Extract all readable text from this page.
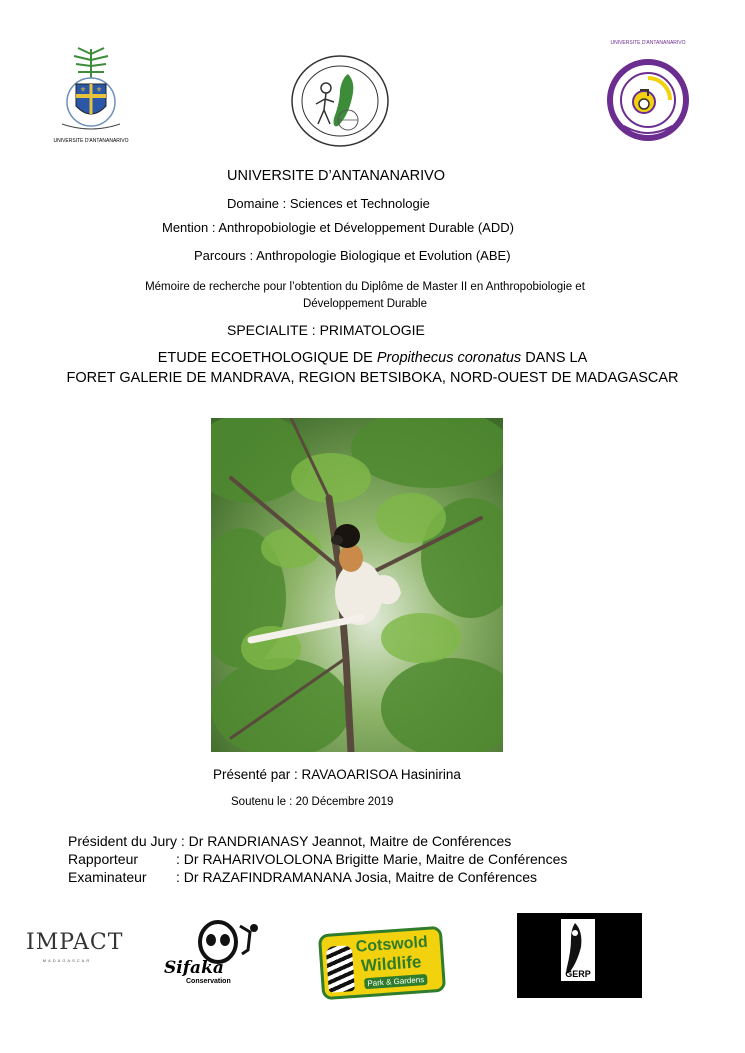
⚜ ⚜
UNIVERSITE D'ANTANANARIVO
UNIVERSITE D'ANTANANARIVO
UNIVERSITE D’ANTANANARIVO
Domaine : Sciences et Technologie
Mention : Anthropobiologie et Développement Durable (ADD)
Parcours : Anthropologie Biologique et Evolution (ABE)
Mémoire de recherche pour l’obtention du Diplôme de Master II en Anthropobiologie et
Développement Durable
SPECIALITE : PRIMATOLOGIE
ETUDE ECOETHOLOGIQUE DE Propithecus coronatus DANS LA
FORET GALERIE DE MANDRAVA, REGION BETSIBOKA, NORD-OUEST DE MADAGASCAR
Présenté par : RAVAOARISOA Hasinirina
Soutenu le : 20 Décembre 2019
Président du Jury : Dr RANDRIANASY Jeannot, Maitre de Conférences
Rapporteur	: Dr RAHARIVOLOLONA Brigitte Marie, Maitre de Conférences
Examinateur : Dr RAZAFINDRAMANANA Josia, Maitre de Conférences
IMPACT
MADAGASCAR	Sifaka
Conservation
Cotswold
Wildlife
Park & Gardens
GERP
